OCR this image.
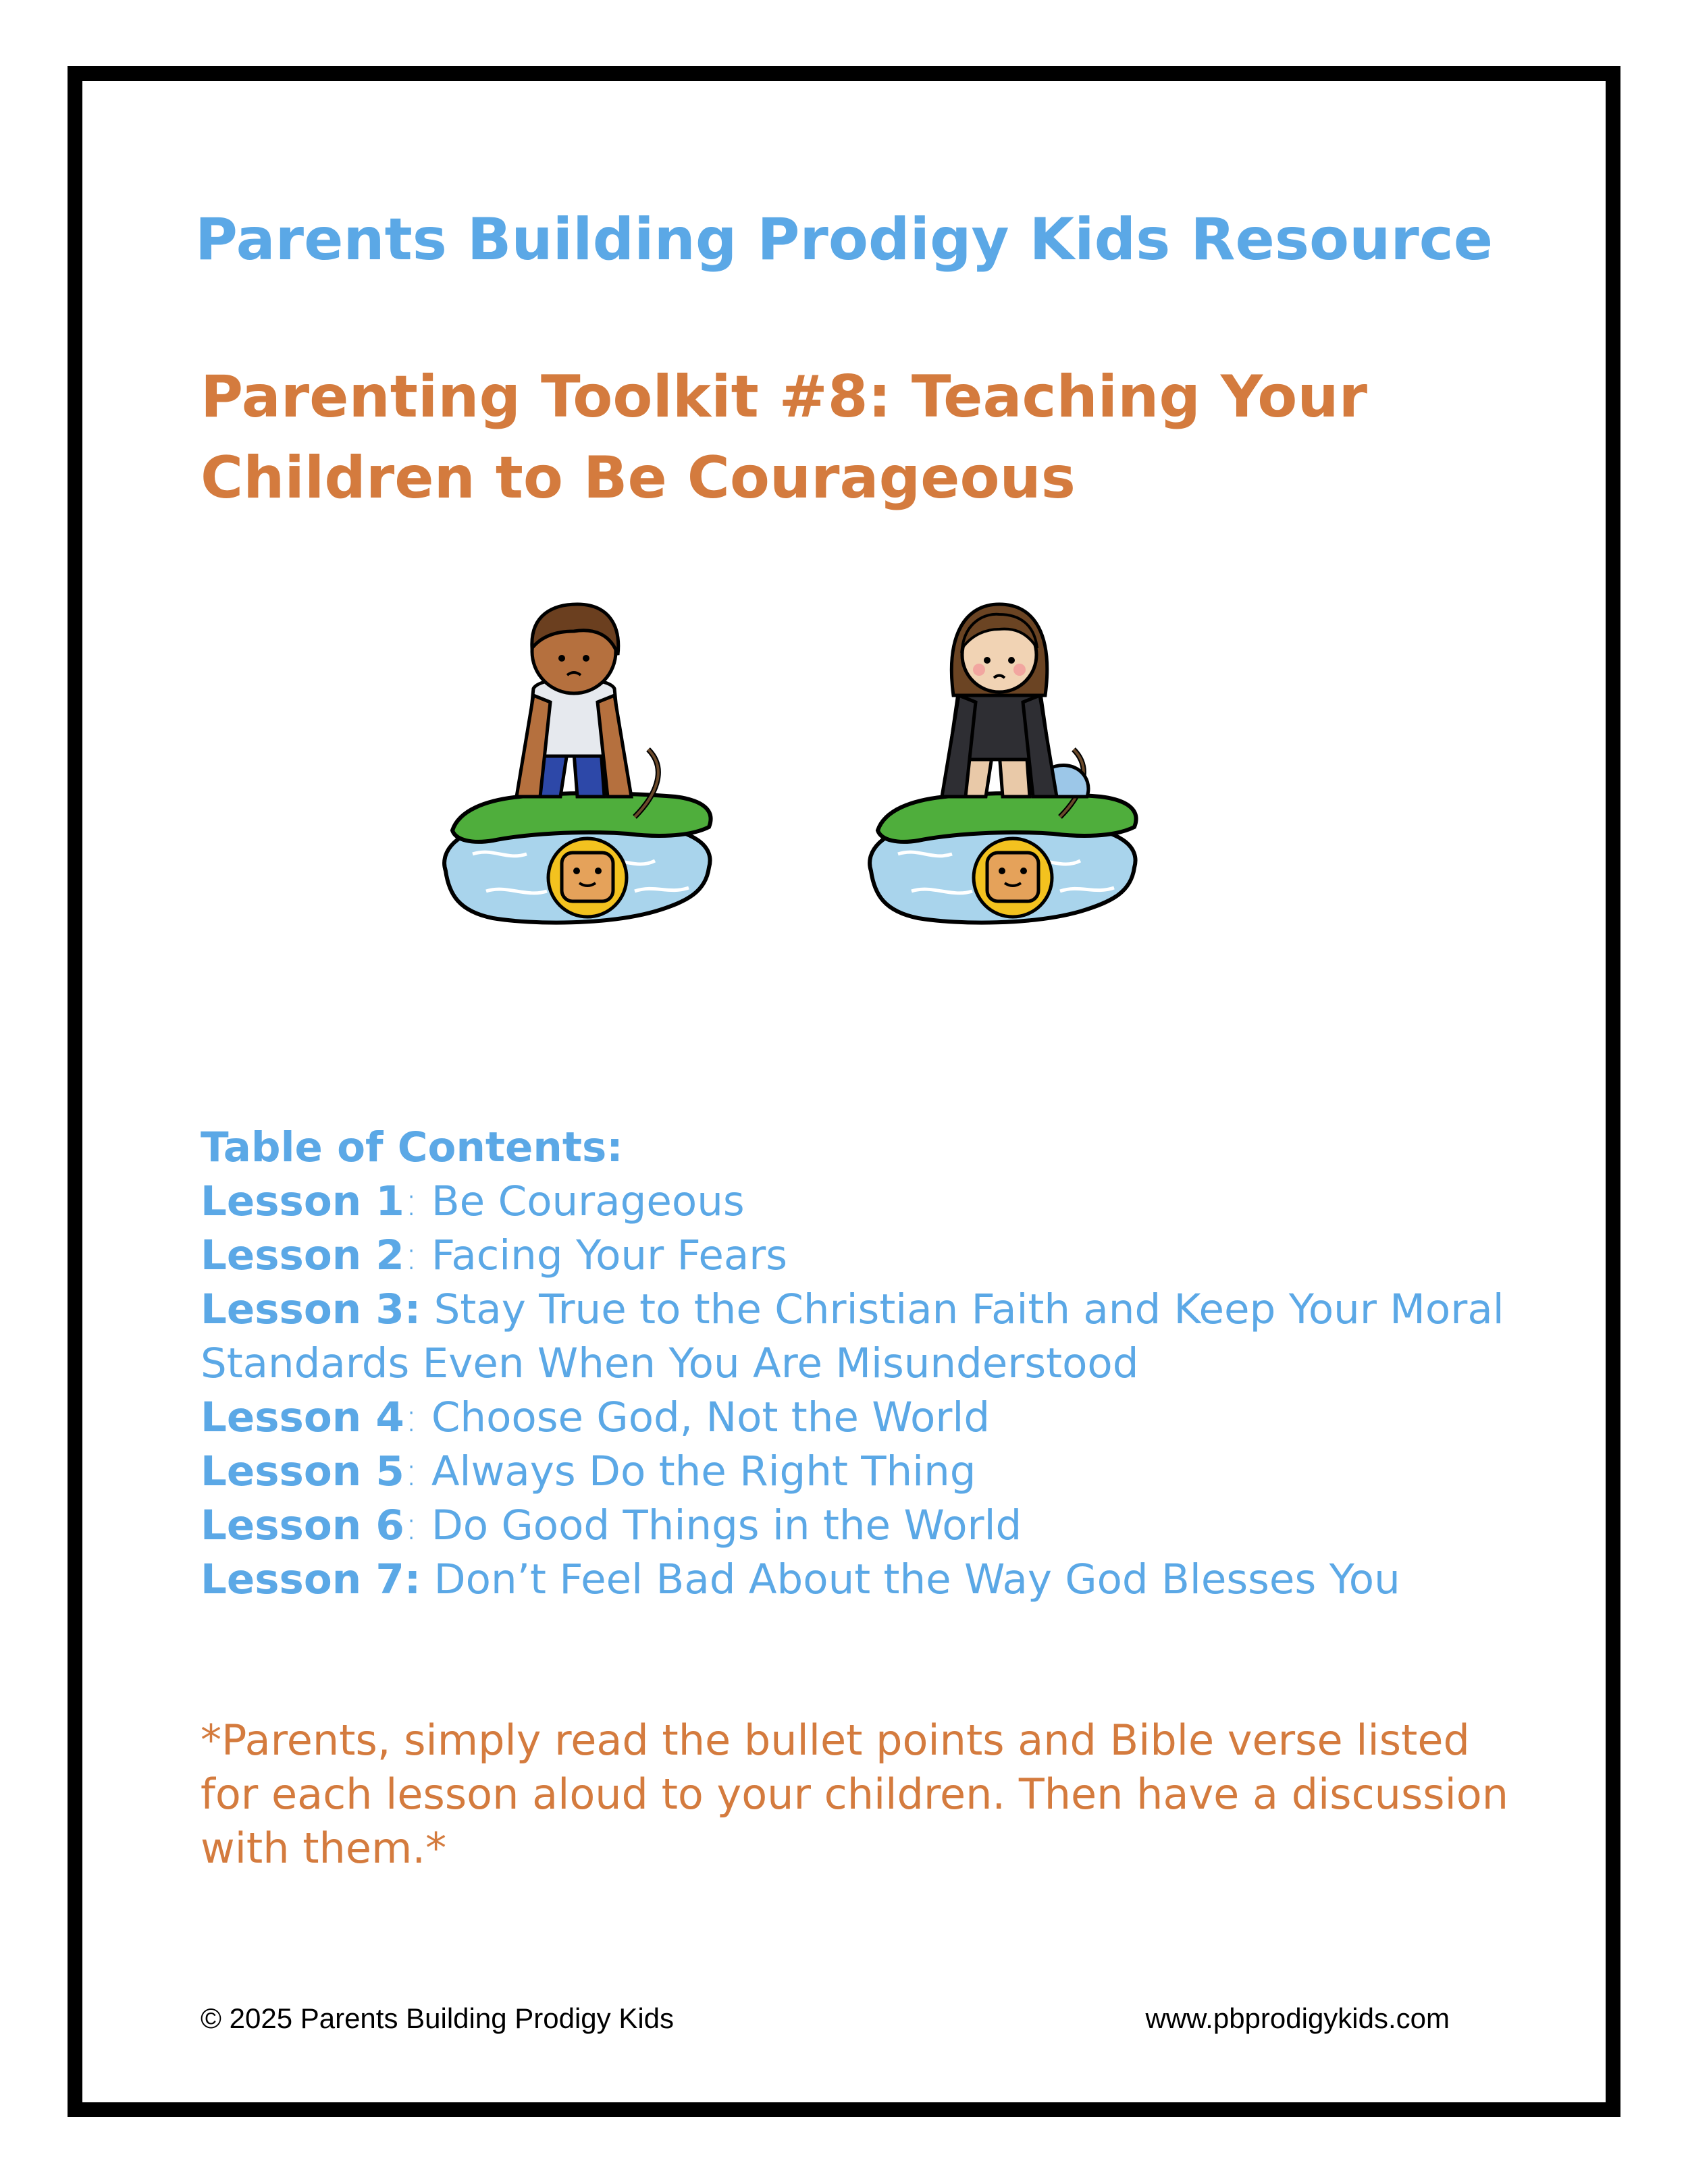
Parents Building Prodigy Kids Resource
Parenting Toolkit #8: Teaching Your
Children to Be Courageous
Table of Contents:
Lesson 1: Be Courageous
Lesson 2: Facing Your Fears
Lesson 3: Stay True to the Christian Faith and Keep Your Moral Standards Even When You Are Misunderstood
Lesson 4: Choose God, Not the World
Lesson 5: Always Do the Right Thing
Lesson 6: Do Good Things in the World
Lesson 7: Don’t Feel Bad About the Way God Blesses You

*Parents, simply read the bullet points and Bible verse listed for each lesson aloud to your children. Then have a discussion with them.*

© 2025 Parents Building Prodigy Kids	www.pbprodigykids.com
